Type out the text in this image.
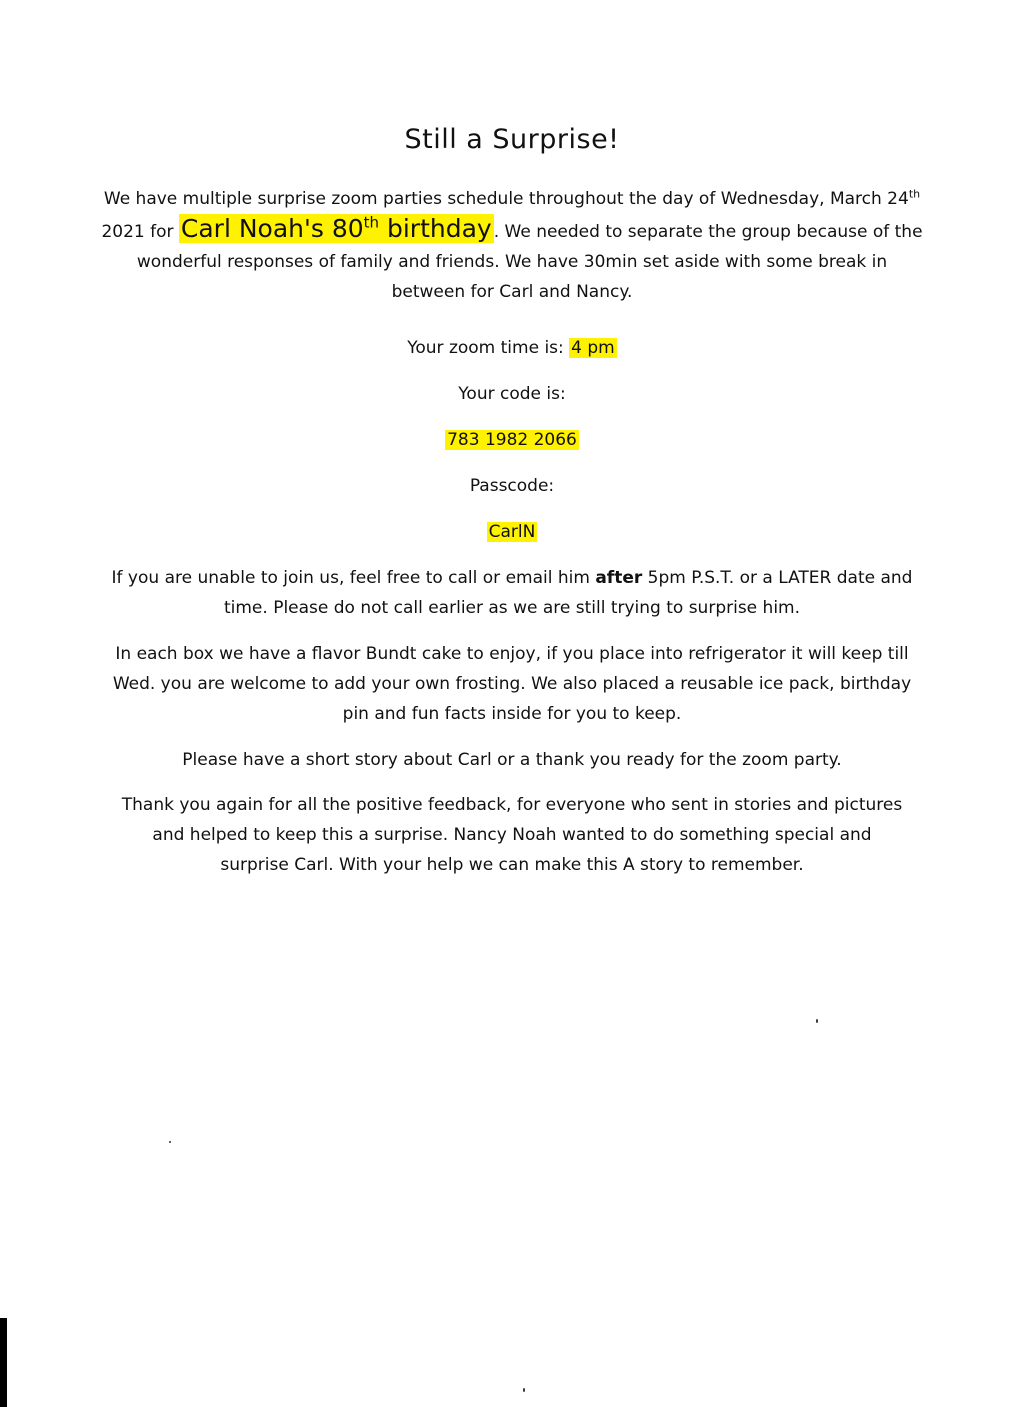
Still a Surprise!
We have multiple surprise zoom parties schedule throughout the day of Wednesday, March 24th 2021 for Carl Noah's 80th birthday . We needed to separate the group because of the wonderful responses of family and friends. We have 30min set aside with some break in between for Carl and Nancy.
Your zoom time is: 4 pm
Your code is:
783 1982 2066
Passcode:
CarlN
If you are unable to join us, feel free to call or email him after 5pm P.S.T. or a LATER date and time. Please do not call earlier as we are still trying to surprise him.
In each box we have a flavor Bundt cake to enjoy, if you place into refrigerator it will keep till Wed. you are welcome to add your own frosting. We also placed a reusable ice pack, birthday pin and fun facts inside for you to keep.
Please have a short story about Carl or a thank you ready for the zoom party.
Thank you again for all the positive feedback, for everyone who sent in stories and pictures and helped to keep this a surprise. Nancy Noah wanted to do something special and surprise Carl. With your help we can make this A story to remember.
